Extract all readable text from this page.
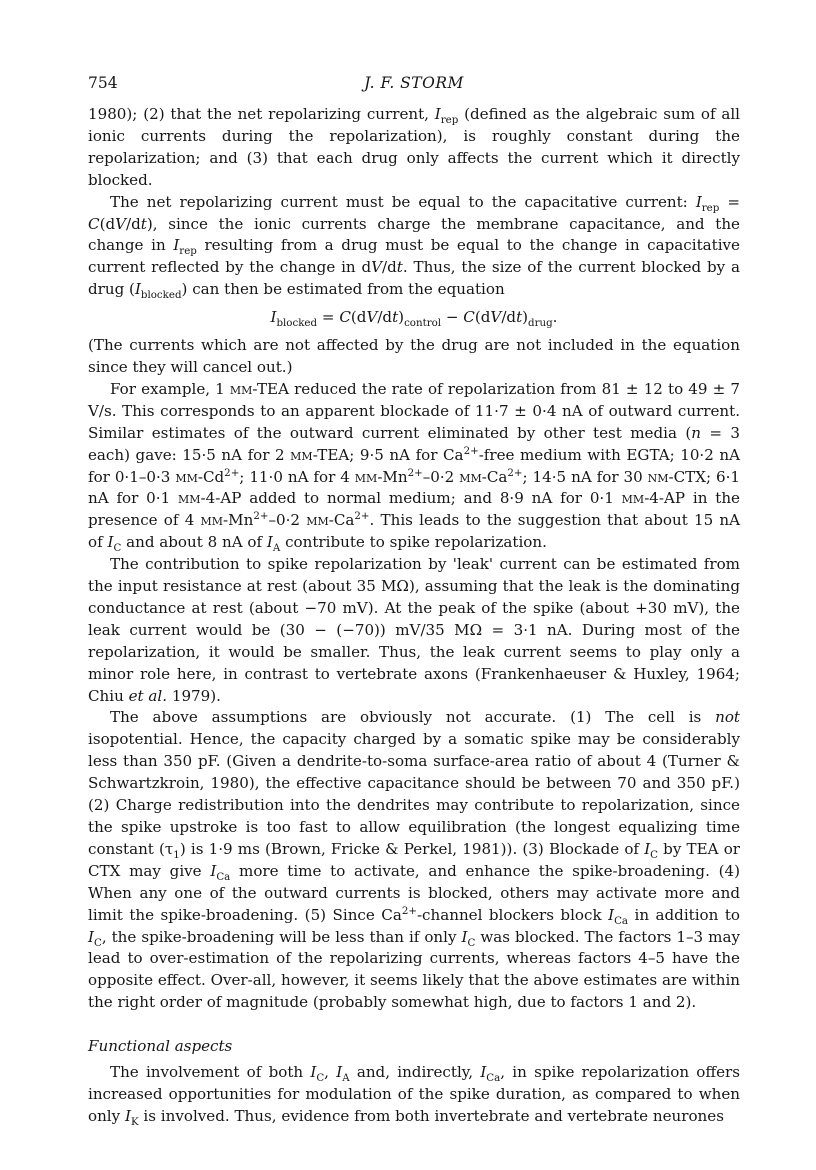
754	J. F. STORM

1980); (2) that the net repolarizing current, $I_{rep}$ (defined as the algebraic sum of all ionic currents during the repolarization), is roughly constant during the repolarization; and (3) that each drug only affects the current which it directly blocked.

The net repolarizing current must be equal to the capacitative current: $I_{rep} = C(dV/dt)$, since the ionic currents charge the membrane capacitance, and the change in $I_{rep}$ resulting from a drug must be equal to the change in capacitative current reflected by the change in dV/dt. Thus, the size of the current blocked by a drug $(I_{blocked})$ can then be estimated from the equation

$I_{blocked} = C(dV/dt)_{control} - C(dV/dt)_{drug}$.

(The currents which are not affected by the drug are not included in the equation since they will cancel out.)

For example, 1 mm-TEA reduced the rate of repolarization from 81 ± 12 to 49 ± 7 V/s. This corresponds to an apparent blockade of 11·7 ± 0·4 nA of outward current. Similar estimates of the outward current eliminated by other test media (n = 3 each) gave: 15·5 nA for 2 mm-TEA; 9·5 nA for $Ca^{2+}$-free medium with EGTA; 10·2 nA for 0·1–0·3 $mm-Cd^{2+}$; 11·0 nA for 4 $mm-Mn^{2+}-0\cdot 2$ $mm-Ca^{2+}$; 14·5 nA for 30 nm-CTX; 6·1 nA for 0·1 mm-4-AP added to normal medium; and 8·9 nA for 0·1 mm-4-AP in the presence of 4 $mm-Mn^{2+}-0\cdot 2$ $mm-Ca^{2+}$. This leads to the suggestion that about 15 nA of $I_C$ and about 8 nA of $I_A$ contribute to spike repolarization.

The contribution to spike repolarization by 'leak' current can be estimated from the input resistance at rest (about 35 MΩ), assuming that the leak is the dominating conductance at rest (about −70 mV). At the peak of the spike (about +30 mV), the leak current would be (30 − (−70)) mV/35 MΩ = 3·1 nA. During most of the repolarization, it would be smaller. Thus, the leak current seems to play only a minor role here, in contrast to vertebrate axons (Frankenhaeuser & Huxley, 1964; Chiu et al. 1979).

The above assumptions are obviously not accurate. (1) The cell is not isopotential. Hence, the capacity charged by a somatic spike may be considerably less than 350 pF. (Given a dendrite-to-soma surface-area ratio of about 4 (Turner & Schwartzkroin, 1980), the effective capacitance should be between 70 and 350 pF.) (2) Charge redistribution into the dendrites may contribute to repolarization, since the spike upstroke is too fast to allow equilibration (the longest equalizing time constant $(\tau_1)$ is 1·9 ms (Brown, Fricke & Perkel, 1981)). (3) Blockade of $I_C$ by TEA or CTX may give $I_{Ca}$ more time to activate, and enhance the spike-broadening. (4) When any one of the outward currents is blocked, others may activate more and limit the spike-broadening. (5) Since $Ca^{2+}$-channel blockers block $I_{Ca}$ in addition to $I_C$, the spike-broadening will be less than if only $I_C$ was blocked. The factors 1–3 may lead to over-estimation of the repolarizing currents, whereas factors 4–5 have the opposite effect. Over-all, however, it seems likely that the above estimates are within the right order of magnitude (probably somewhat high, due to factors 1 and 2).

Functional aspects

The involvement of both $I_C$, $I_A$ and, indirectly, $I_{Ca}$, in spike repolarization offers increased opportunities for modulation of the spike duration, as compared to when only $I_K$ is involved. Thus, evidence from both invertebrate and vertebrate neurones
